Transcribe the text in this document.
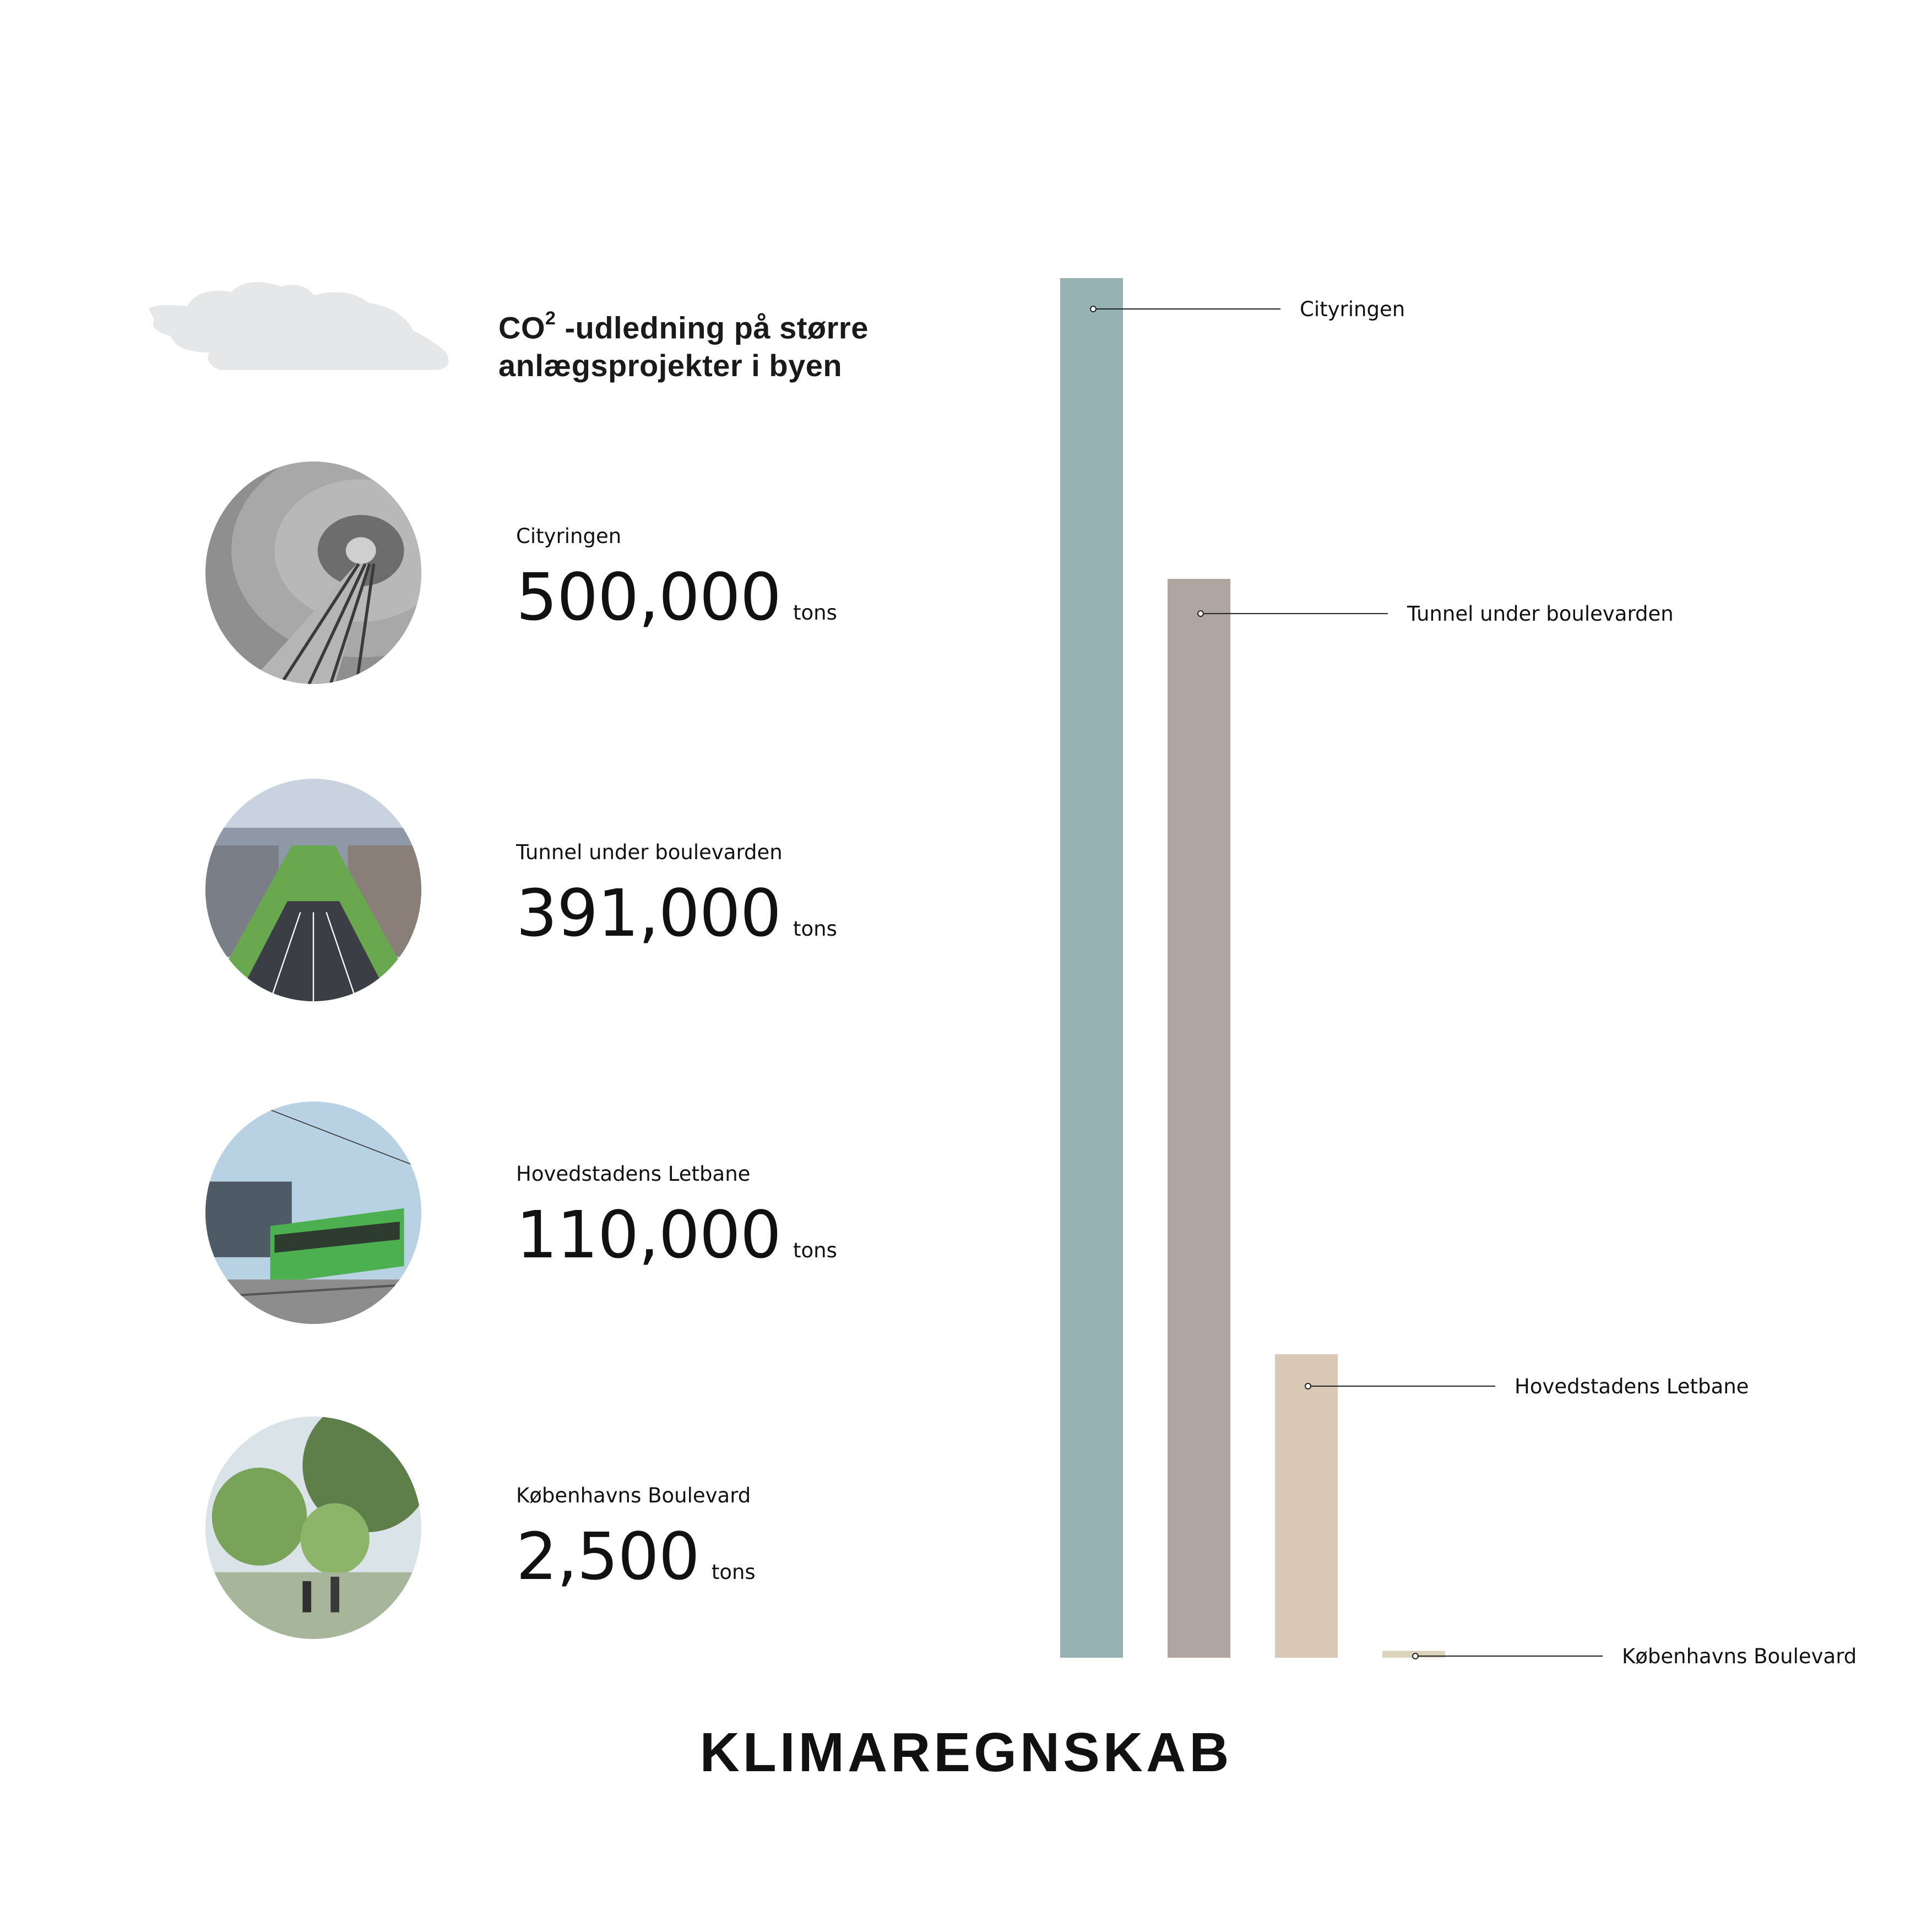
$CO^2$ -udledning på større
anlægsprojekter i byen
Cityringen
500,000 tons
Tunnel under boulevarden
391,000 tons
Hovedstadens Letbane
110,000 tons
Københavns Boulevard
2,500 tons
Cityringen
Tunnel under boulevarden
Hovedstadens Letbane
Københavns Boulevard
KLIMAREGNSKAB
